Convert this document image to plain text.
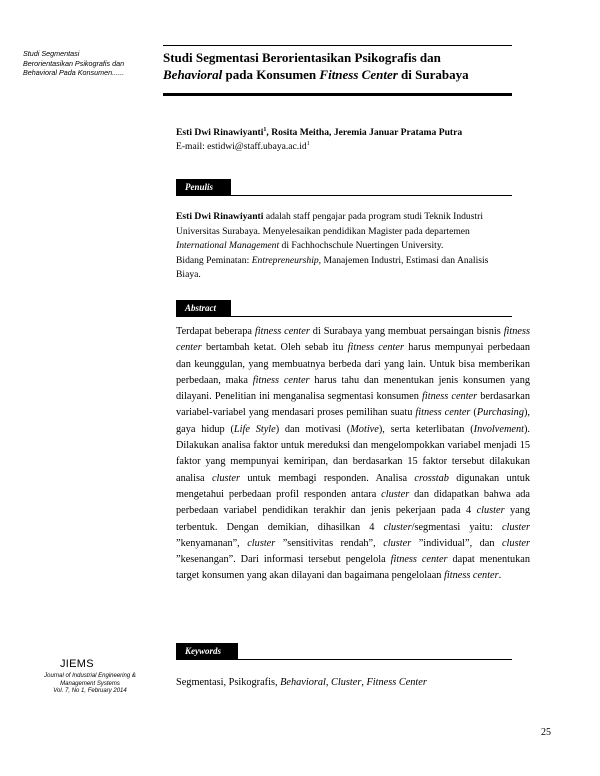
Studi Segmentasi
Berorientasikan Psikografis dan
Behavioral Pada Konsumen......
Studi Segmentasi Berorientasikan Psikografis dan
Behavioral pada Konsumen Fitness Center di Surabaya
Esti Dwi Rinawiyanti$^1$, Rosita Meitha, Jeremia Januar Pratama Putra
E-mail: $estidwi@staff.ubaya.ac.id^1$
Penulis

Esti Dwi Rinawiyanti adalah staff pengajar pada program studi Teknik Industri Universitas Surabaya. Menyelesaikan pendidikan Magister pada departemen International Management di Fachhochschule Nuertingen University.

Bidang Peminatan: Entrepreneurship, Manajemen Industri, Estimasi dan Analisis Biaya.

Abstract

Terdapat beberapa fitness center di Surabaya yang membuat persaingan bisnis fitness center bertambah ketat. Oleh sebab itu fitness center harus mempunyai perbedaan dan keunggulan, yang membuatnya berbeda dari yang lain. Untuk bisa memberikan perbedaan, maka fitness center harus tahu dan menentukan jenis konsumen yang dilayani. Penelitian ini menganalisa segmentasi konsumen fitness center berdasarkan variabel-variabel yang mendasari proses pemilihan suatu fitness center (Purchasing), gaya hidup (Life Style) dan motivasi (Motive), serta keterlibatan (Involvement). Dilakukan analisa faktor untuk mereduksi dan mengelompokkan variabel menjadi 15 faktor yang mempunyai kemiripan, dan berdasarkan 15 faktor tersebut dilakukan analisa cluster untuk membagi responden. Analisa crosstab digunakan untuk mengetahui perbedaan profil responden antara cluster dan didapatkan bahwa ada perbedaan variabel pendidikan terakhir dan jenis pekerjaan pada 4 cluster yang terbentuk. Dengan demikian, dihasilkan 4 cluster/segmentasi yaitu: cluster ”kenyamanan”, cluster ”sensitivitas rendah”, cluster ”individual”, dan cluster ”kesenangan”. Dari informasi tersebut pengelola fitness center dapat menentukan target konsumen yang akan dilayani dan bagaimana pengelolaan fitness center.

Keywords
Segmentasi, Psikografis, Behavioral, Cluster, Fitness Center
JIEMS
Journal of Industrial Engineering &
Management Systems
Vol. 7, No 1, February 2014
25
